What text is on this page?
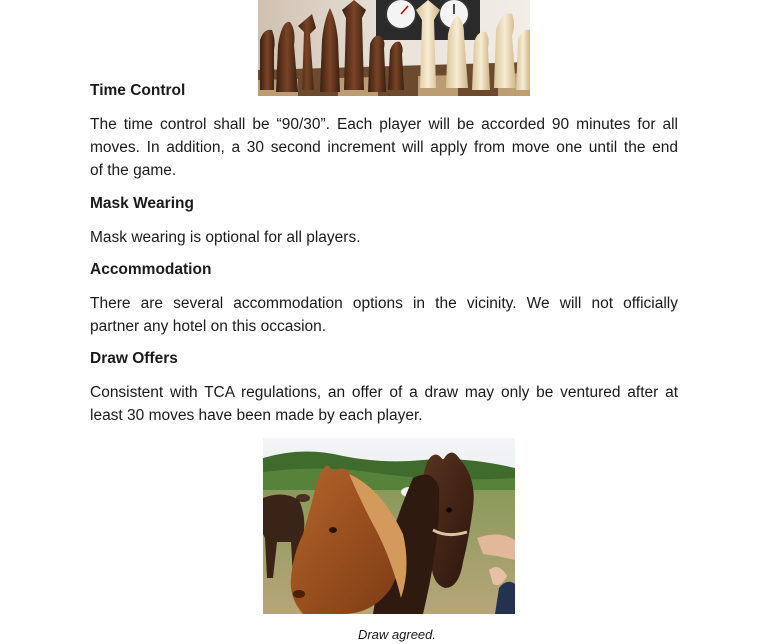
Time Control
The time control shall be “90/30”. Each player will be accorded 90 minutes for all
moves. In addition, a 30 second increment will apply from move one until the end
of the game.
Mask Wearing
Mask wearing is optional for all players.
Accommodation
There are several accommodation options in the vicinity. We will not officially
partner any hotel on this occasion.
Draw Offers
Consistent with TCA regulations, an offer of a draw may only be ventured after at
least 30 moves have been made by each player.

Draw agreed.
